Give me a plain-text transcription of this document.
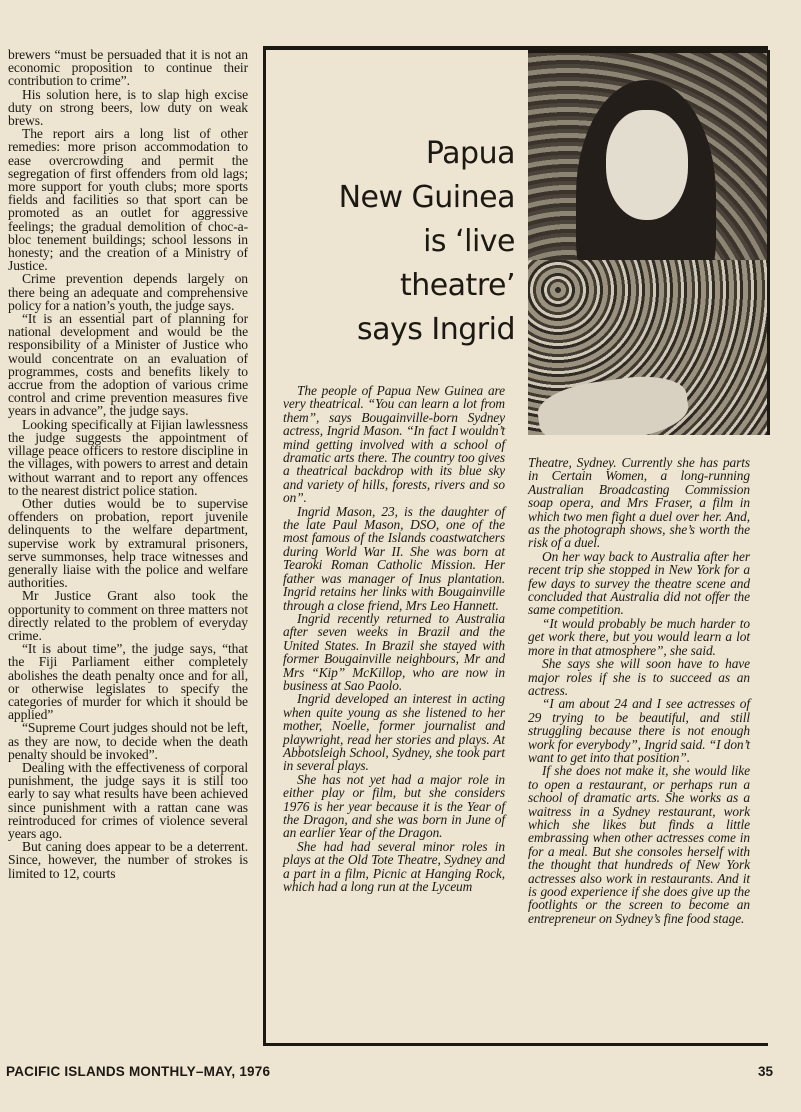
brewers “must be persuaded that it is not an economic proposition to continue their contribution to crime”.

His solution here, is to slap high excise duty on strong beers, low duty on weak brews.

The report airs a long list of other remedies: more prison accommodation to ease overcrowding and permit the segregation of first offenders from old lags; more support for youth clubs; more sports fields and facilities so that sport can be promoted as an outlet for aggressive feelings; the gradual demolition of choc-a-bloc tenement buildings; school lessons in honesty; and the creation of a Ministry of Justice.

Crime prevention depends largely on there being an adequate and comprehensive policy for a nation’s youth, the judge says.

“It is an essential part of planning for national development and would be the responsibility of a Minister of Justice who would concentrate on an evaluation of programmes, costs and benefits likely to accrue from the adoption of various crime control and crime prevention measures five years in advance”, the judge says.

Looking specifically at Fijian lawlessness the judge suggests the appointment of village peace officers to restore discipline in the villages, with powers to arrest and detain without warrant and to report any offences to the nearest district police station.

Other duties would be to supervise offenders on probation, report juvenile delinquents to the welfare department, supervise work by extramural prisoners, serve summonses, help trace witnesses and generally liaise with the police and welfare authorities.

Mr Justice Grant also took the opportunity to comment on three matters not directly related to the problem of everyday crime.

“It is about time”, the judge says, “that the Fiji Parliament either completely abolishes the death penalty once and for all, or otherwise legislates to specify the categories of murder for which it should be applied”

“Supreme Court judges should not be left, as they are now, to decide when the death penalty should be invoked”.

Dealing with the effectiveness of corporal punishment, the judge says it is still too early to say what results have been achieved since punishment with a rattan cane was reintroduced for crimes of violence several years ago.

But caning does appear to be a deterrent. Since, however, the number of strokes is limited to 12, courts

Papua
New Guinea
is ‘live
theatre’
says Ingrid

The people of Papua New Guinea are very theatrical. “You can learn a lot from them”, says Bougainville-born Sydney actress, Ingrid Mason. “In fact I wouldn’t mind getting involved with a school of dramatic arts there. The country too gives a theatrical backdrop with its blue sky and variety of hills, forests, rivers and so on”.

Ingrid Mason, 23, is the daughter of the late Paul Mason, DSO, one of the most famous of the Islands coastwatchers during World War II. She was born at Tearoki Roman Catholic Mission. Her father was manager of Inus plantation. Ingrid retains her links with Bougainville through a close friend, Mrs Leo Hannett.

Ingrid recently returned to Australia after seven weeks in Brazil and the United States. In Brazil she stayed with former Bougainville neighbours, Mr and Mrs “Kip” McKillop, who are now in business at Sao Paolo.

Ingrid developed an interest in acting when quite young as she listened to her mother, Noelle, former journalist and playwright, read her stories and plays. At Abbotsleigh School, Sydney, she took part in several plays.

She has not yet had a major role in either play or film, but she considers 1976 is her year because it is the Year of the Dragon, and she was born in June of an earlier Year of the Dragon.

She had had several minor roles in plays at the Old Tote Theatre, Sydney and a part in a film, Picnic at Hanging Rock, which had a long run at the Lyceum

Theatre, Sydney. Currently she has parts in Certain Women, a long-running Australian Broadcasting Commission soap opera, and Mrs Fraser, a film in which two men fight a duel over her. And, as the photograph shows, she’s worth the risk of a duel.

On her way back to Australia after her recent trip she stopped in New York for a few days to survey the theatre scene and concluded that Australia did not offer the same competition.

“It would probably be much harder to get work there, but you would learn a lot more in that atmosphere”, she said.

She says she will soon have to have major roles if she is to succeed as an actress.

“I am about 24 and I see actresses of 29 trying to be beautiful, and still struggling because there is not enough work for everybody”, Ingrid said. “I don’t want to get into that position”.

If she does not make it, she would like to open a restaurant, or perhaps run a school of dramatic arts. She works as a waitress in a Sydney restaurant, work which she likes but finds a little embrassing when other actresses come in for a meal. But she consoles herself with the thought that hundreds of New York actresses also work in restaurants. And it is good experience if she does give up the footlights or the screen to become an entrepreneur on Sydney’s fine food stage.

PACIFIC ISLANDS MONTHLY–MAY, 1976	35
